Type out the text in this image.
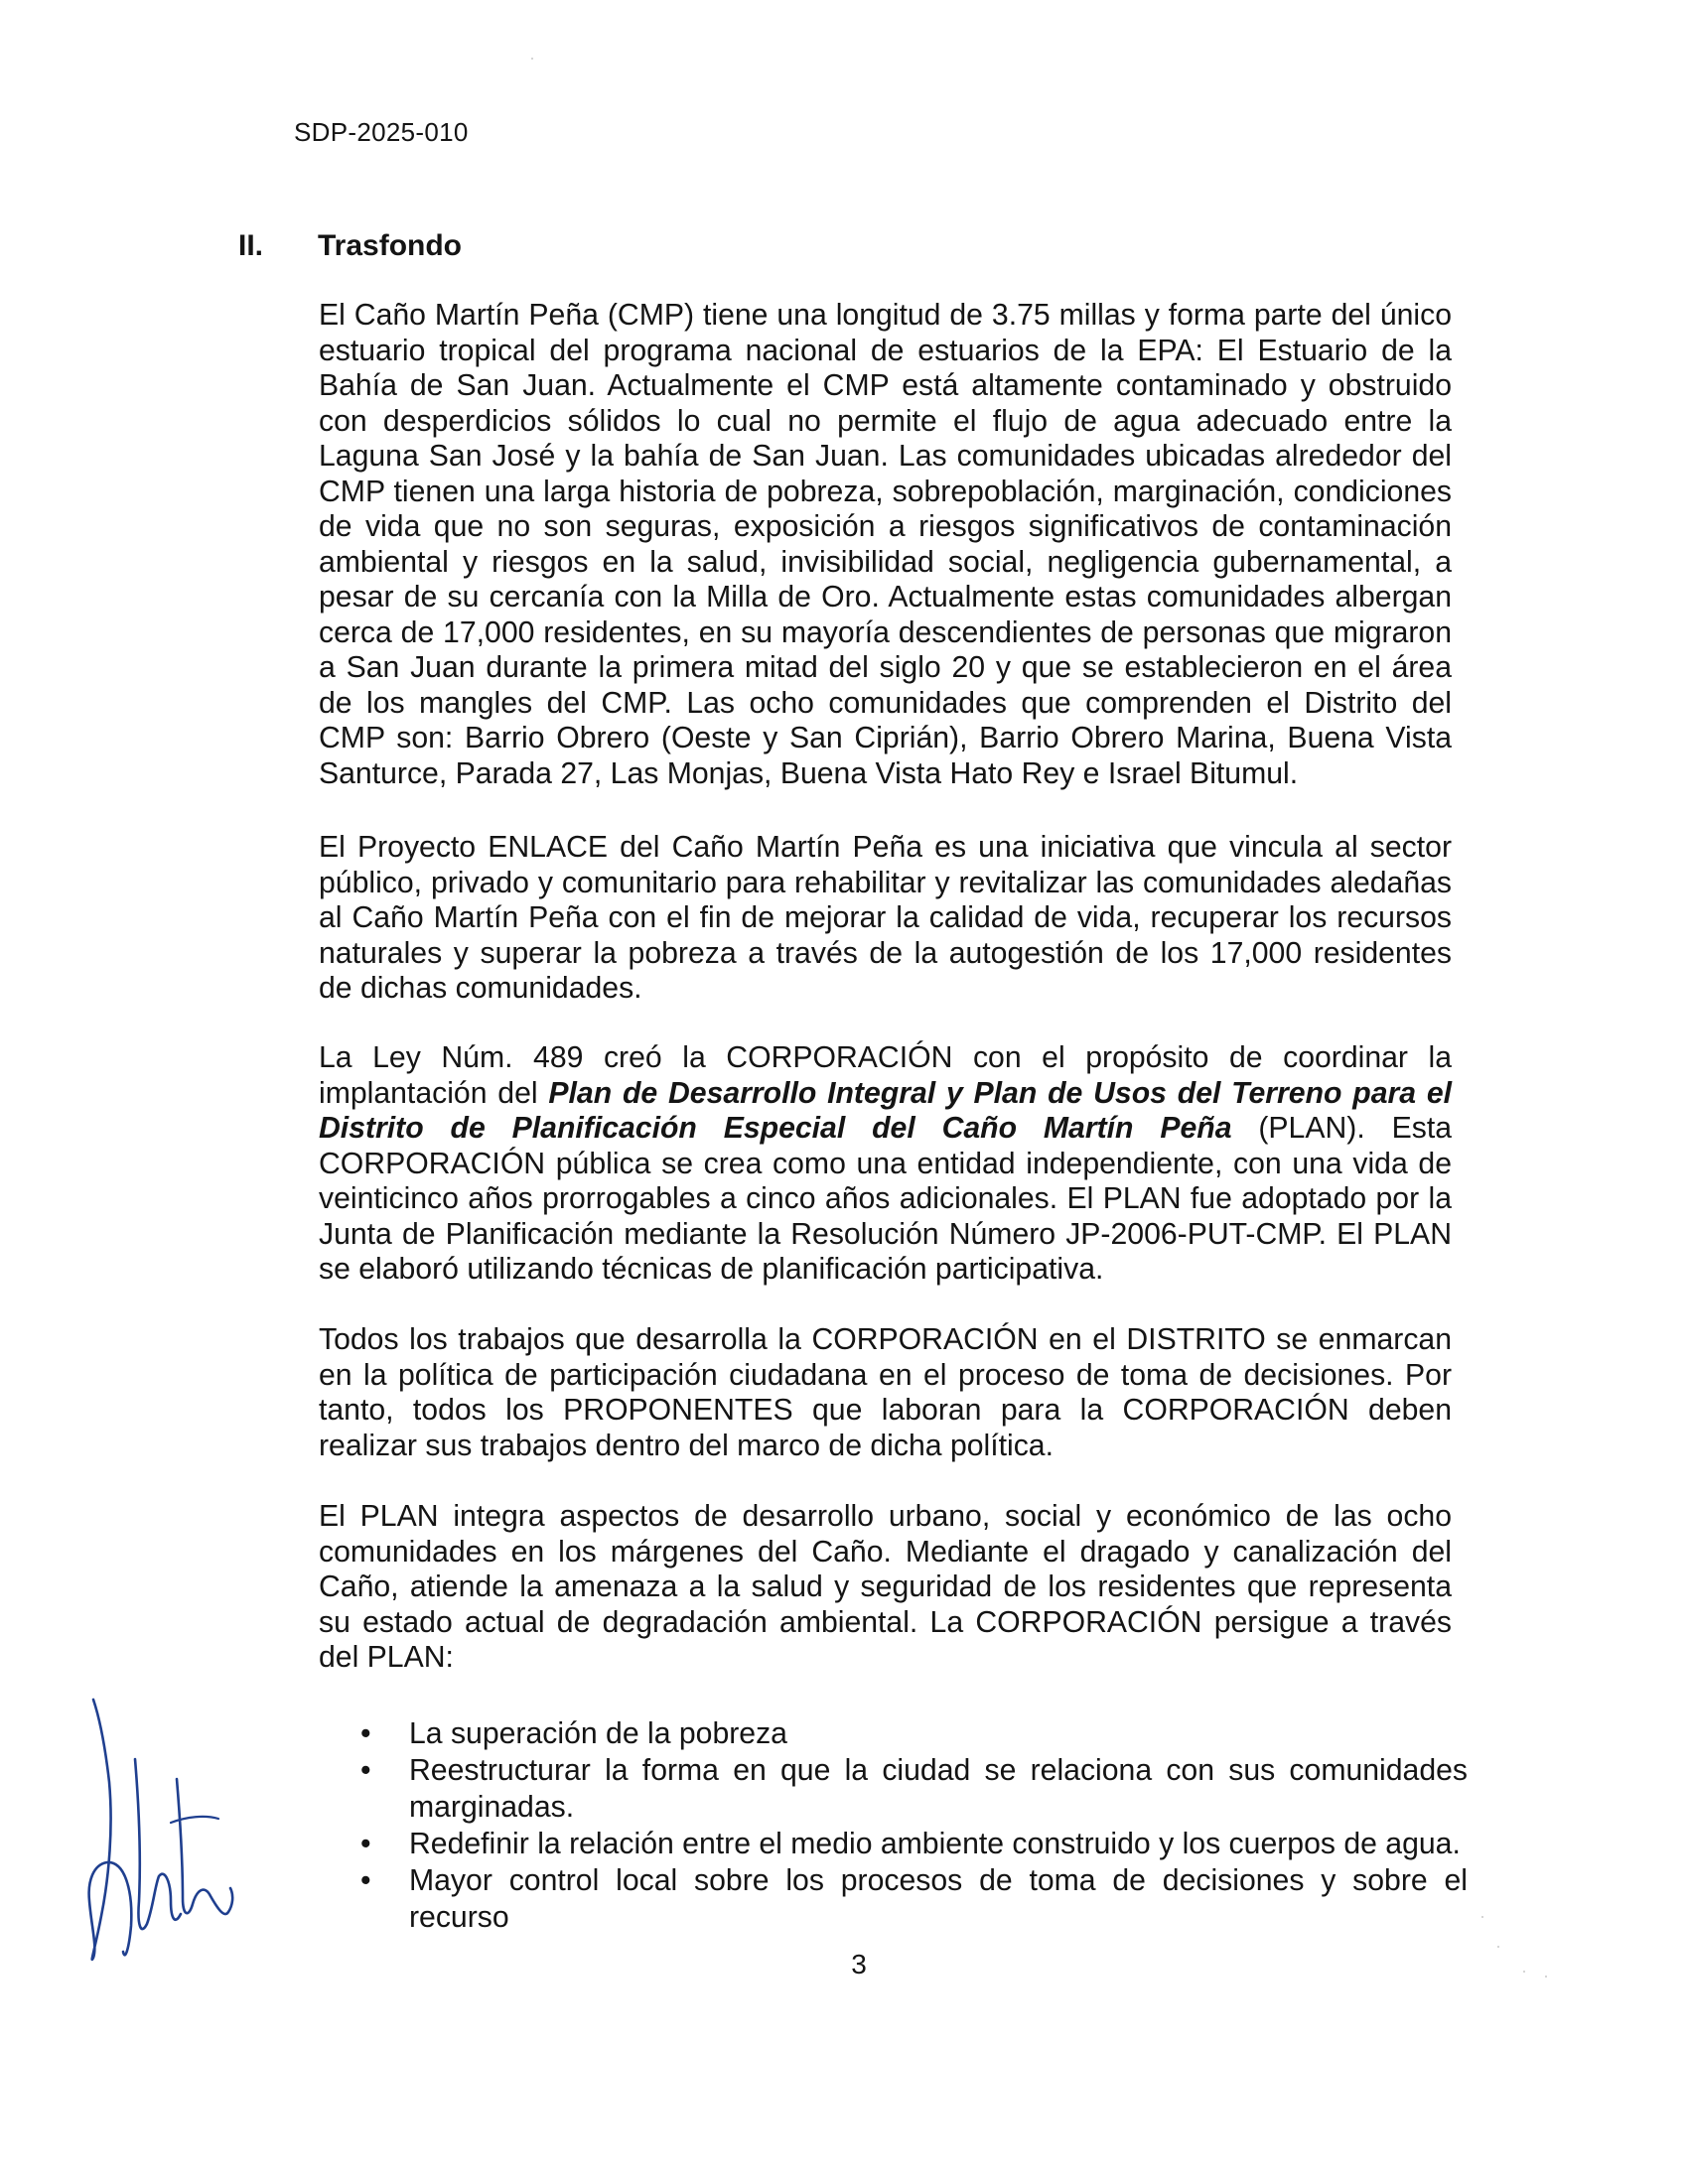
SDP-2025-010
II. Trasfondo

El Caño Martín Peña (CMP) tiene una longitud de 3.75 millas y forma parte del único estuario tropical del programa nacional de estuarios de la EPA: El Estuario de la Bahía de San Juan. Actualmente el CMP está altamente contaminado y obstruido con desperdicios sólidos lo cual no permite el flujo de agua adecuado entre la Laguna San José y la bahía de San Juan. Las comunidades ubicadas alrededor del CMP tienen una larga historia de pobreza, sobrepoblación, marginación, condiciones de vida que no son seguras, exposición a riesgos significativos de contaminación ambiental y riesgos en la salud, invisibilidad social, negligencia gubernamental, a pesar de su cercanía con la Milla de Oro. Actualmente estas comunidades albergan cerca de 17,000 residentes, en su mayoría descendientes de personas que migraron a San Juan durante la primera mitad del siglo 20 y que se establecieron en el área de los mangles del CMP. Las ocho comunidades que comprenden el Distrito del CMP son: Barrio Obrero (Oeste y San Ciprián), Barrio Obrero Marina, Buena Vista Santurce, Parada 27, Las Monjas, Buena Vista Hato Rey e Israel Bitumul.

El Proyecto ENLACE del Caño Martín Peña es una iniciativa que vincula al sector público, privado y comunitario para rehabilitar y revitalizar las comunidades aledañas al Caño Martín Peña con el fin de mejorar la calidad de vida, recuperar los recursos naturales y superar la pobreza a través de la autogestión de los 17,000 residentes de dichas comunidades.

La Ley Núm. 489 creó la CORPORACIÓN con el propósito de coordinar la implantación del Plan de Desarrollo Integral y Plan de Usos del Terreno para el Distrito de Planificación Especial del Caño Martín Peña (PLAN). Esta CORPORACIÓN pública se crea como una entidad independiente, con una vida de veinticinco años prorrogables a cinco años adicionales. El PLAN fue adoptado por la Junta de Planificación mediante la Resolución Número JP-2006-PUT-CMP. El PLAN se elaboró utilizando técnicas de planificación participativa.

Todos los trabajos que desarrolla la CORPORACIÓN en el DISTRITO se enmarcan en la política de participación ciudadana en el proceso de toma de decisiones. Por tanto, todos los PROPONENTES que laboran para la CORPORACIÓN deben realizar sus trabajos dentro del marco de dicha política.

El PLAN integra aspectos de desarrollo urbano, social y económico de las ocho comunidades en los márgenes del Caño. Mediante el dragado y canalización del Caño, atiende la amenaza a la salud y seguridad de los residentes que representa su estado actual de degradación ambiental. La CORPORACIÓN persigue a través del PLAN:

• La superación de la pobreza
• Reestructurar la forma en que la ciudad se relaciona con sus comunidades marginadas.
• Redefinir la relación entre el medio ambiente construido y los cuerpos de agua.
• Mayor control local sobre los procesos de toma de decisiones y sobre el recurso
3
